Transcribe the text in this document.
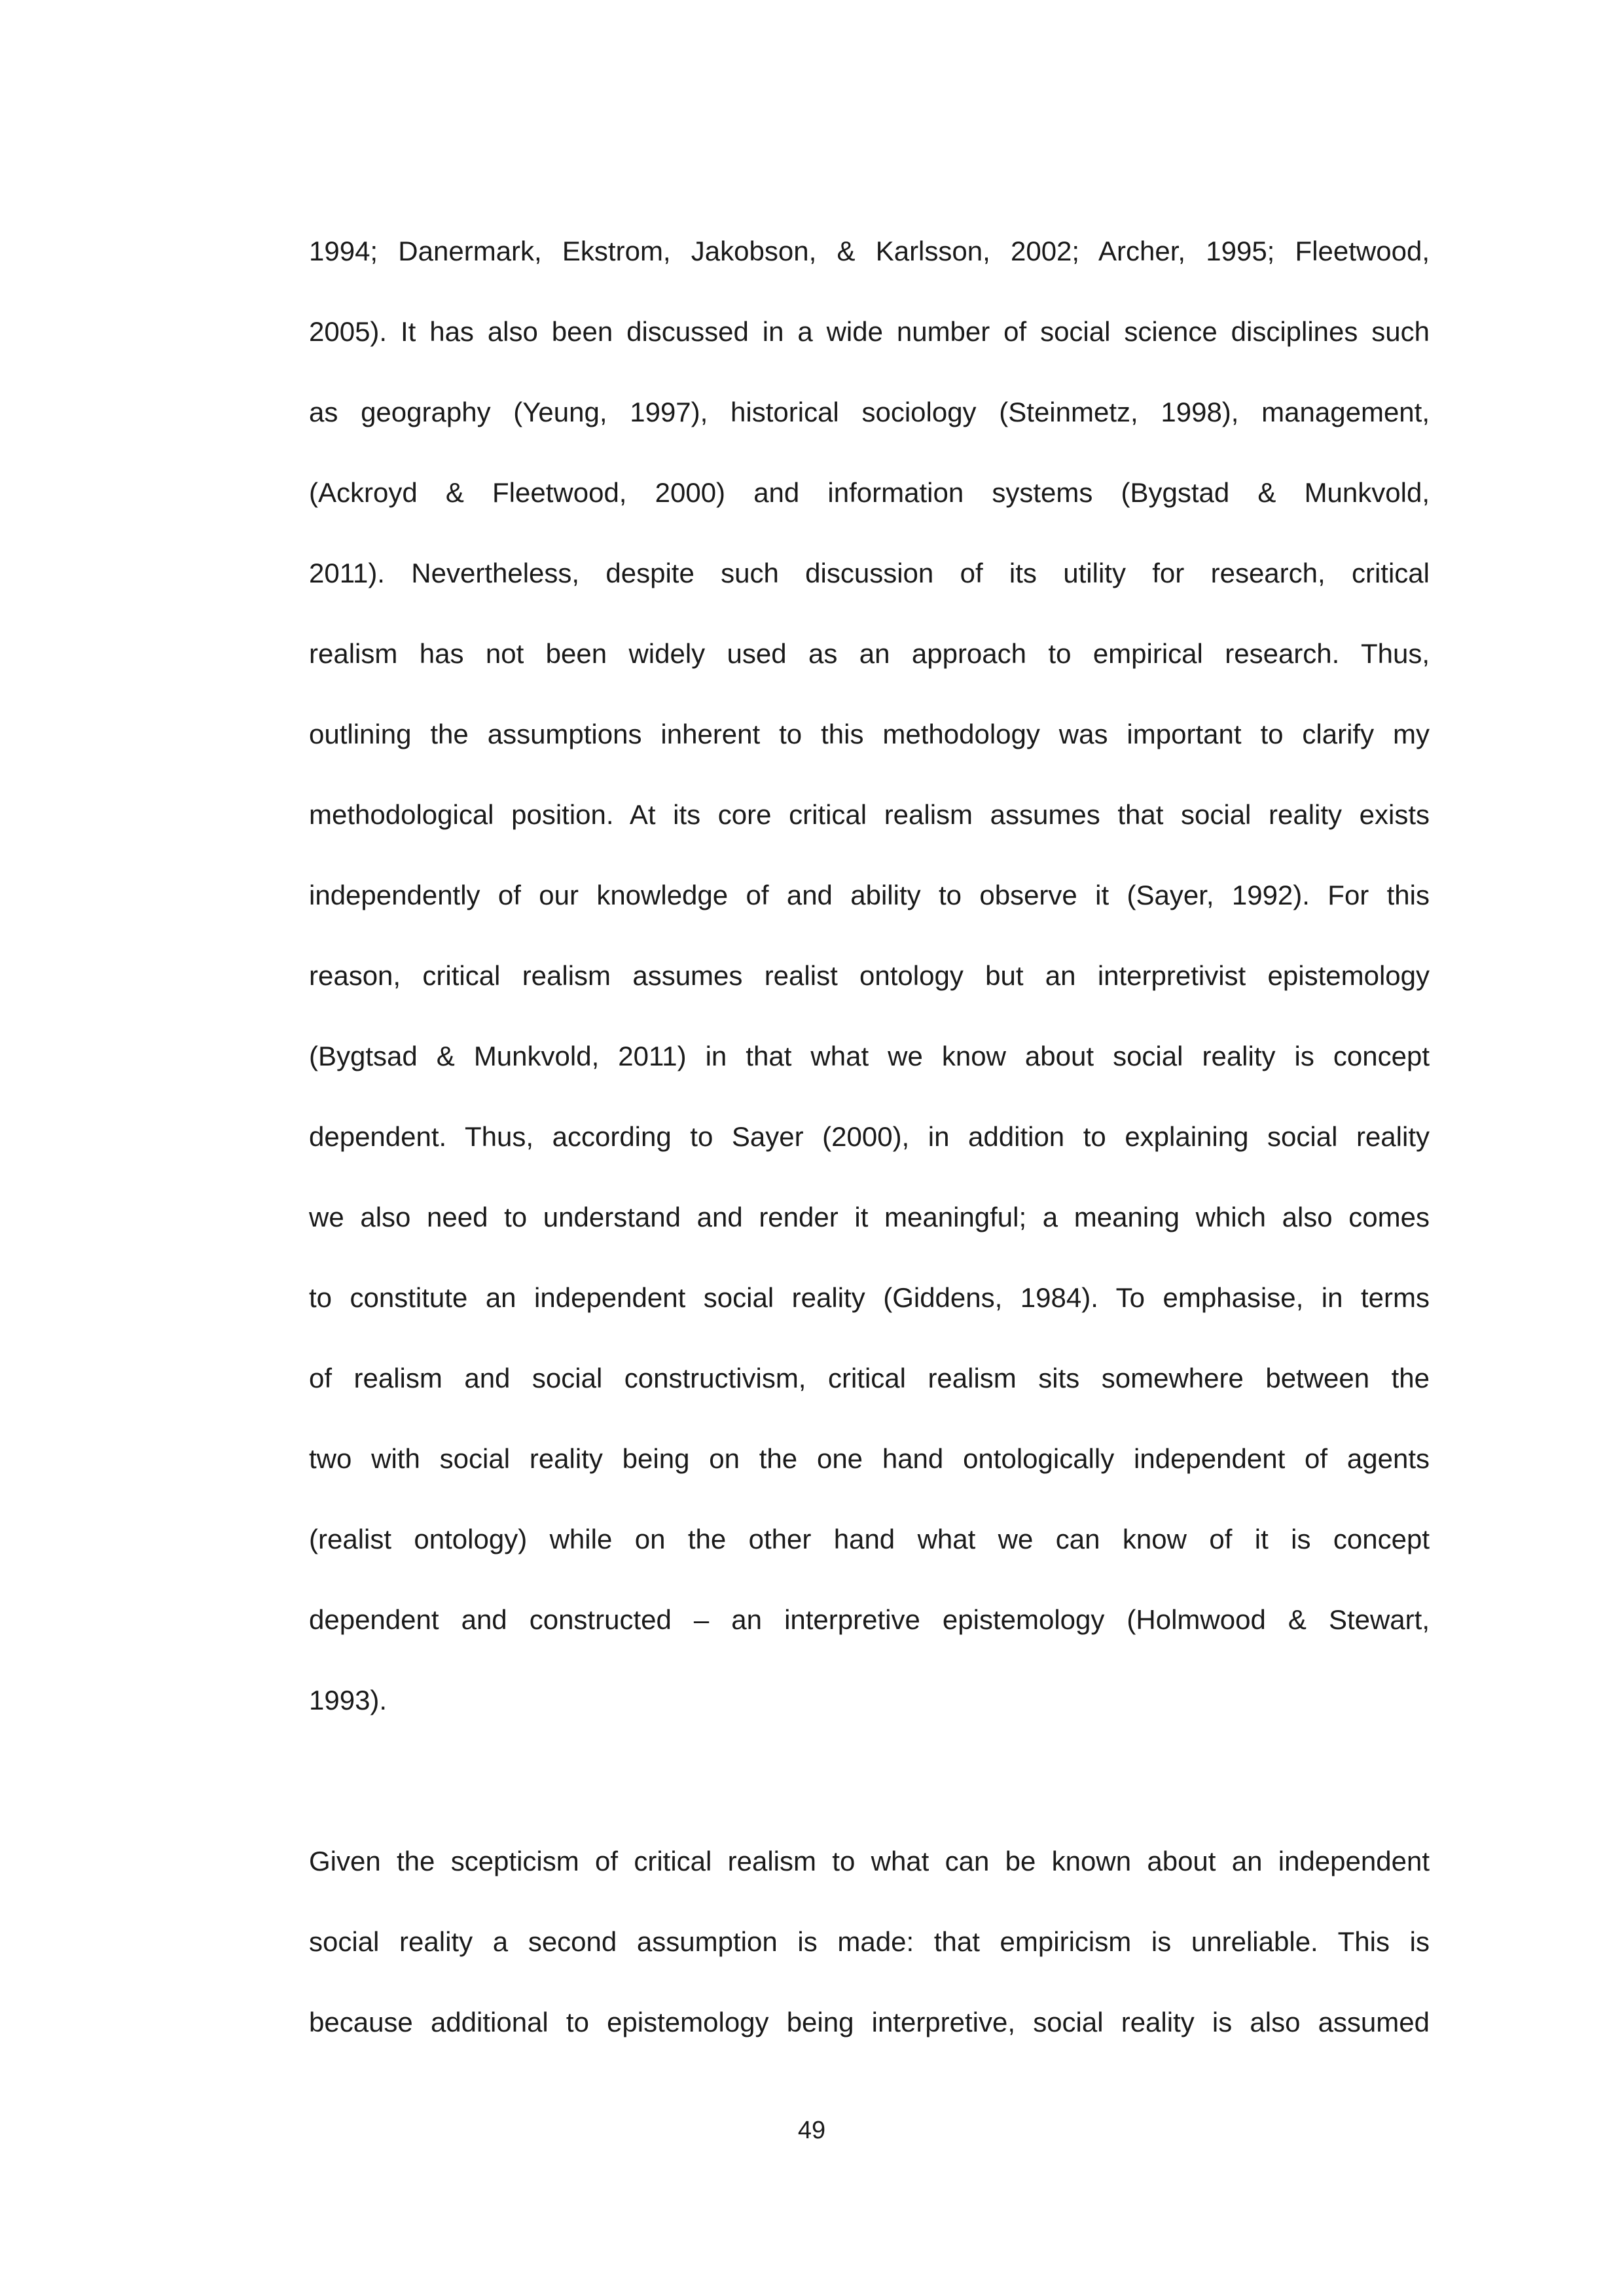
1994; Danermark, Ekstrom, Jakobson, & Karlsson, 2002; Archer, 1995; Fleetwood,
2005). It has also been discussed in a wide number of social science disciplines such
as geography (Yeung, 1997), historical sociology (Steinmetz, 1998), management,
(Ackroyd & Fleetwood, 2000) and information systems (Bygstad & Munkvold,
2011). Nevertheless, despite such discussion of its utility for research, critical
realism has not been widely used as an approach to empirical research. Thus,
outlining the assumptions inherent to this methodology was important to clarify my
methodological position. At its core critical realism assumes that social reality exists
independently of our knowledge of and ability to observe it (Sayer, 1992). For this
reason, critical realism assumes realist ontology but an interpretivist epistemology
(Bygtsad & Munkvold, 2011) in that what we know about social reality is concept
dependent. Thus, according to Sayer (2000), in addition to explaining social reality
we also need to understand and render it meaningful; a meaning which also comes
to constitute an independent social reality (Giddens, 1984). To emphasise, in terms
of realism and social constructivism, critical realism sits somewhere between the
two with social reality being on the one hand ontologically independent of agents
(realist ontology) while on the other hand what we can know of it is concept
dependent and constructed – an interpretive epistemology (Holmwood & Stewart,
1993).
Given the scepticism of critical realism to what can be known about an independent
social reality a second assumption is made: that empiricism is unreliable. This is
because additional to epistemology being interpretive, social reality is also assumed
49
